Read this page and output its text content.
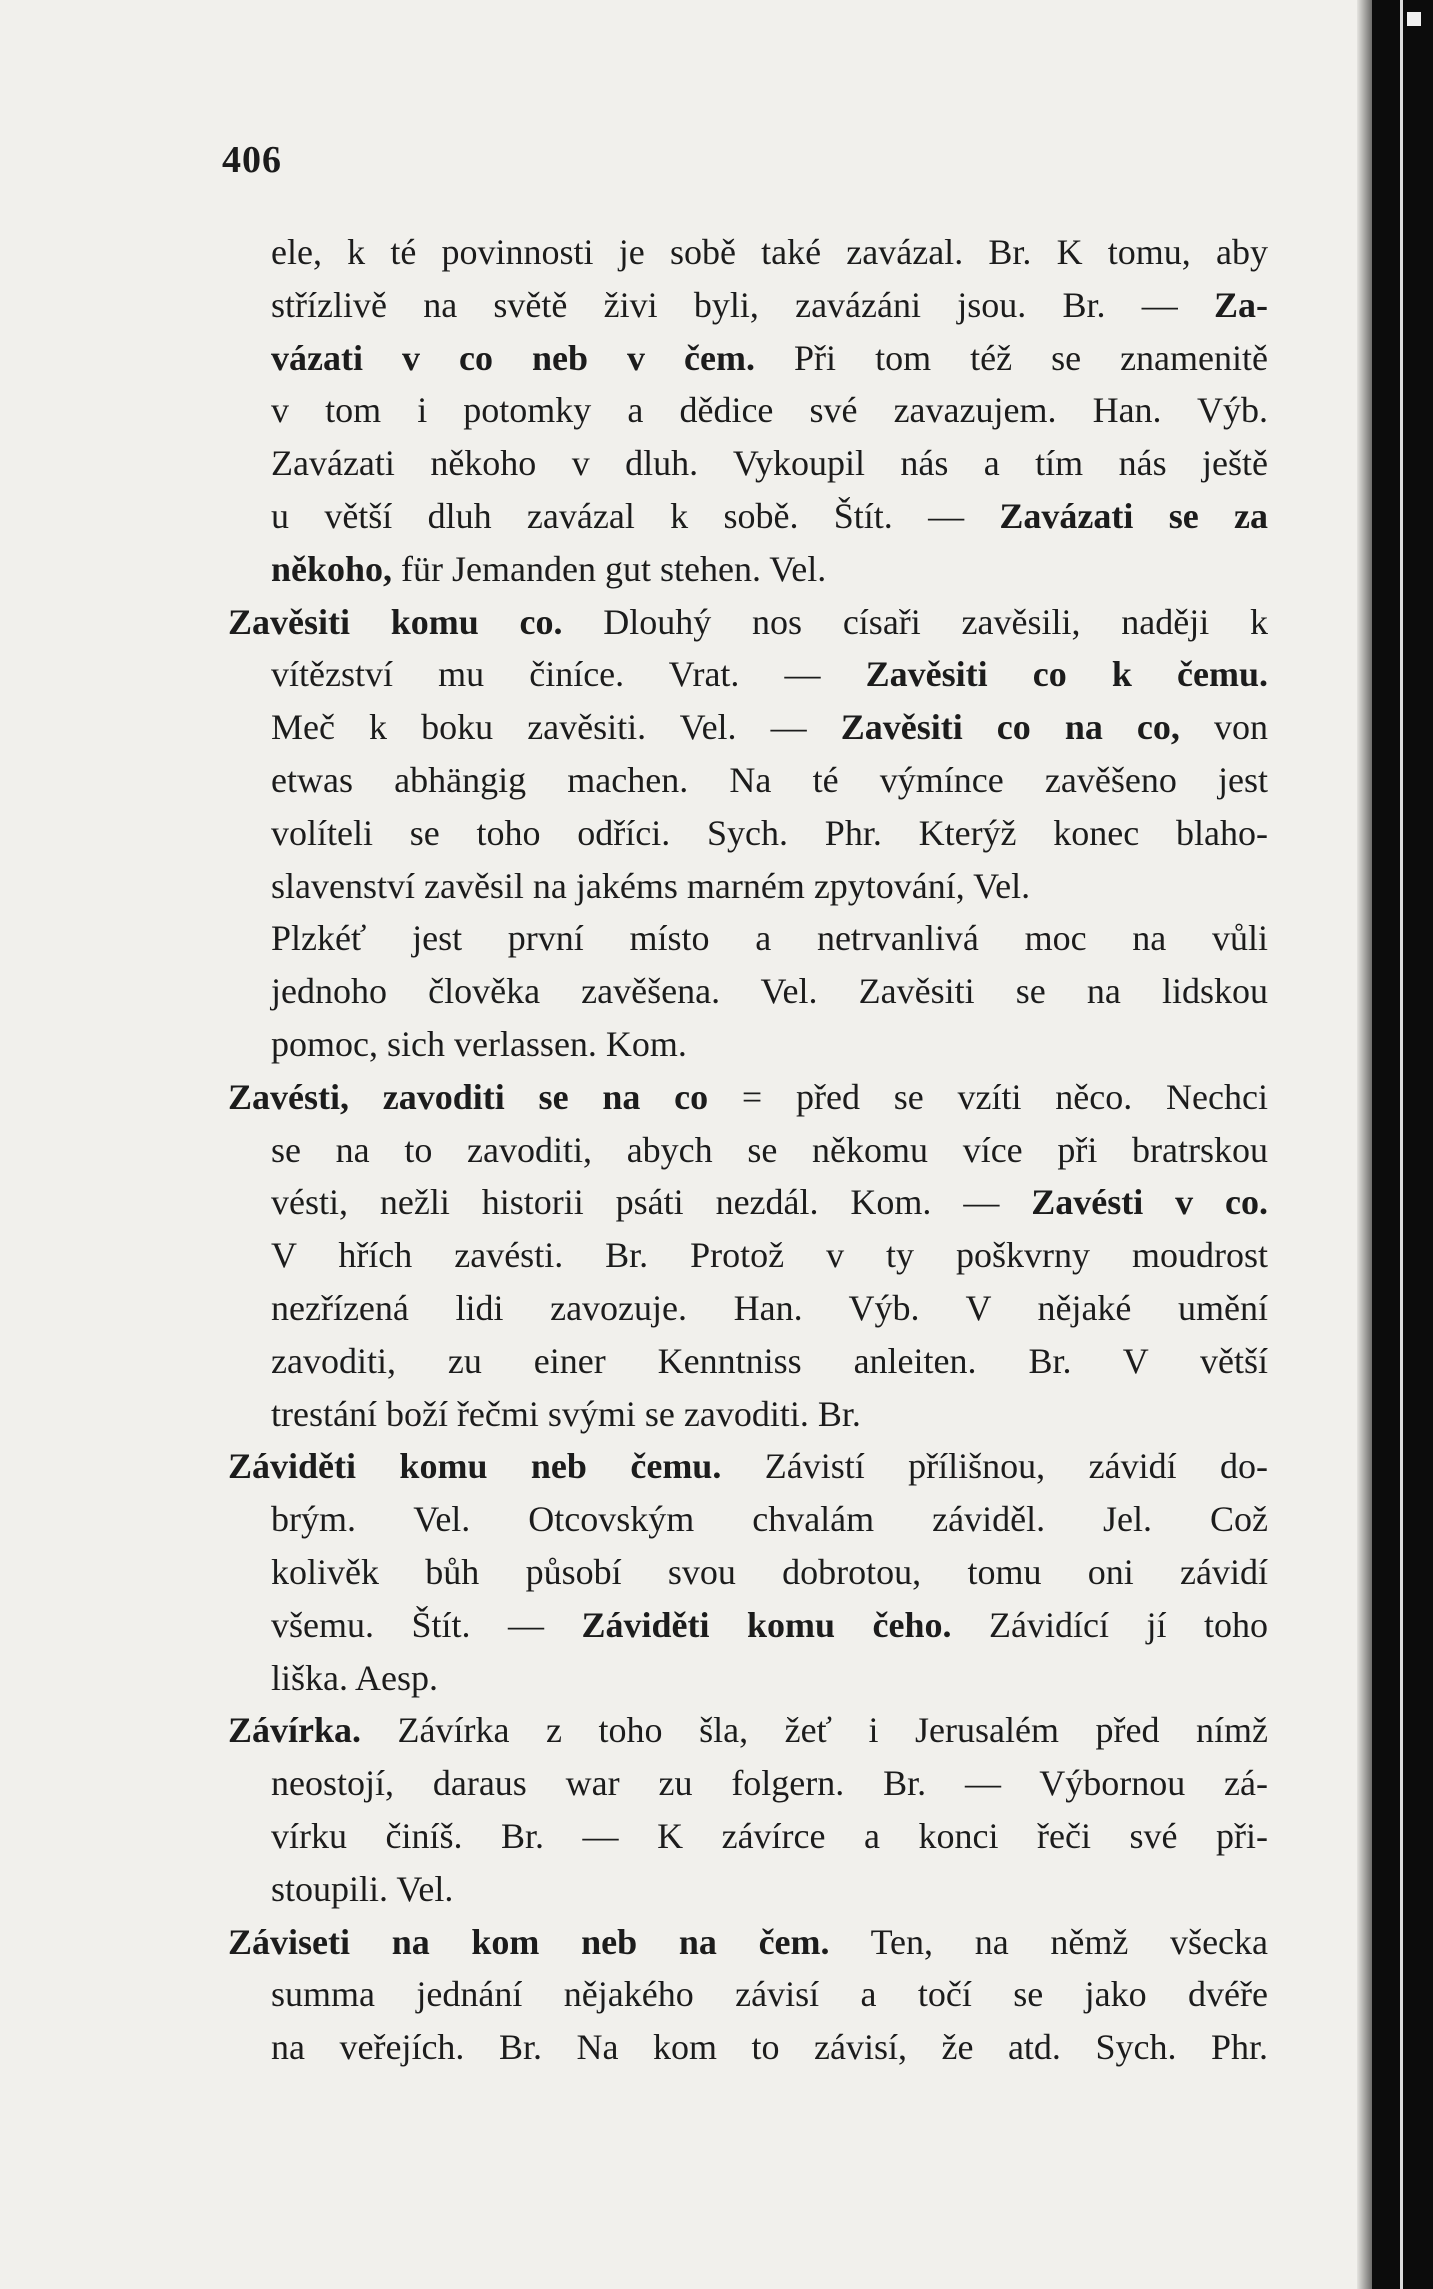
406
ele, k té povinnosti je sobě také zavázal. Br. K tomu, aby
střízlivě na světě živi byli, zavázáni jsou. Br. — Za-
vázati v co neb v čem. Při tom též se znamenitě
v tom i potomky a dědice své zavazujem. Han. Výb.
Zavázati někoho v dluh. Vykoupil nás a tím nás ještě
u větší dluh zavázal k sobě. Štít. — Zavázati se za
někoho, für Jemanden gut stehen. Vel.
Zavěsiti komu co. Dlouhý nos císaři zavěsili, naději k
vítězství mu činíce. Vrat. — Zavěsiti co k čemu.
Meč k boku zavěsiti. Vel. — Zavěsiti co na co, von
etwas abhängig machen. Na té výmínce zavěšeno jest
volíteli se toho odříci. Sych. Phr. Kterýž konec blaho-
slavenství zavěsil na jakéms marném zpytování, Vel.
Plzkéť jest první místo a netrvanlivá moc na vůli
jednoho člověka zavěšena. Vel. Zavěsiti se na lidskou
pomoc, sich verlassen. Kom.
Zavésti, zavoditi se na co = před se vzíti něco. Nechci
se na to zavoditi, abych se někomu více při bratrskou
vésti, nežli historii psáti nezdál. Kom. — Zavésti v co.
V hřích zavésti. Br. Protož v ty poškvrny moudrost
nezřízená lidi zavozuje. Han. Výb. V nějaké umění
zavoditi, zu einer Kenntniss anleiten. Br. V větší
trestání boží řečmi svými se zavoditi. Br.
Záviděti komu neb čemu. Závistí přílišnou, závidí do-
brým. Vel. Otcovským chvalám záviděl. Jel. Což
kolivěk bůh působí svou dobrotou, tomu oni závidí
všemu. Štít. — Záviděti komu čeho. Závidící jí toho
liška. Aesp.
Závírka. Závírka z toho šla, žeť i Jerusalém před nímž
neostojí, daraus war zu folgern. Br. — Výbornou zá-
vírku činíš. Br. — K závírce a konci řeči své při-
stoupili. Vel.
Záviseti na kom neb na čem. Ten, na němž všecka
summa jednání nějakého závisí a točí se jako dvéře
na veřejích. Br. Na kom to závisí, že atd. Sych. Phr.
